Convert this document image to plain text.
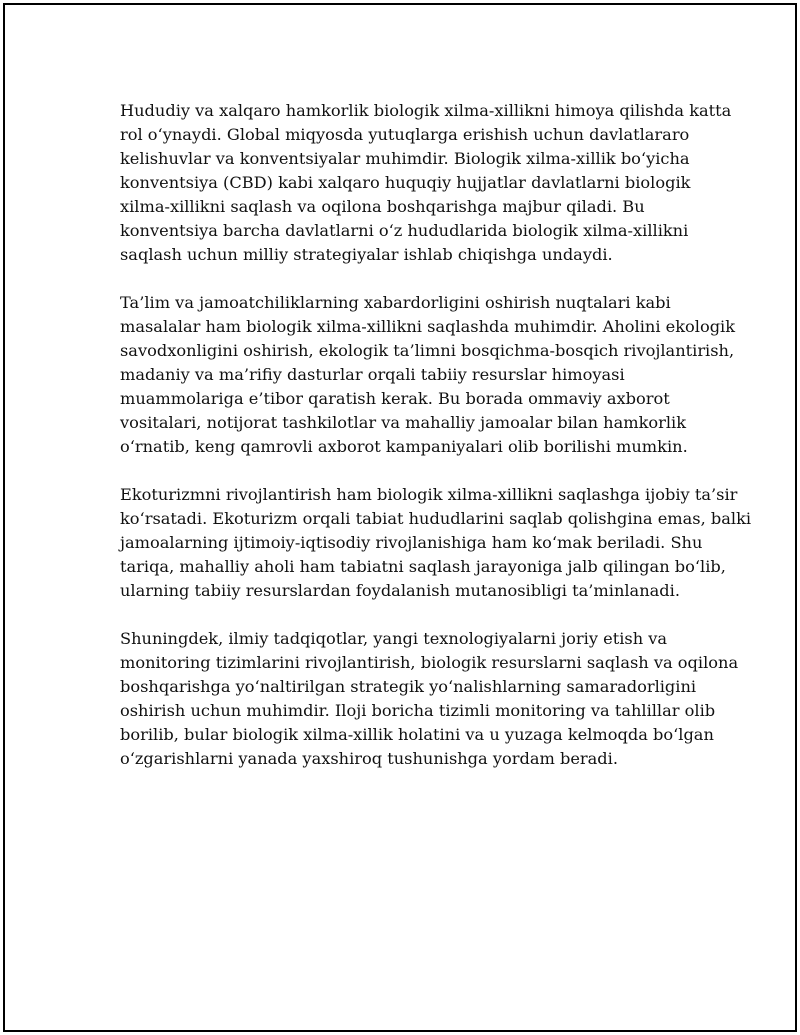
Hududiy va xalqaro hamkorlik biologik xilma-xillikni himoya qilishda katta
rol o‘ynaydi. Global miqyosda yutuqlarga erishish uchun davlatlararo
kelishuvlar va konventsiyalar muhimdir. Biologik xilma-xillik bo‘yicha
konventsiya (CBD) kabi xalqaro huquqiy hujjatlar davlatlarni biologik
xilma-xillikni saqlash va oqilona boshqarishga majbur qiladi. Bu
konventsiya barcha davlatlarni o‘z hududlarida biologik xilma-xillikni
saqlash uchun milliy strategiyalar ishlab chiqishga undaydi.

Ta’lim va jamoatchiliklarning xabardorligini oshirish nuqtalari kabi
masalalar ham biologik xilma-xillikni saqlashda muhimdir. Aholini ekologik
savodxonligini oshirish, ekologik ta’limni bosqichma-bosqich rivojlantirish,
madaniy va ma’rifiy dasturlar orqali tabiiy resurslar himoyasi
muammolariga e’tibor qaratish kerak. Bu borada ommaviy axborot
vositalari, notijorat tashkilotlar va mahalliy jamoalar bilan hamkorlik
o‘rnatib, keng qamrovli axborot kampaniyalari olib borilishi mumkin.

Ekoturizmni rivojlantirish ham biologik xilma-xillikni saqlashga ijobiy ta’sir
ko‘rsatadi. Ekoturizm orqali tabiat hududlarini saqlab qolishgina emas, balki
jamoalarning ijtimoiy-iqtisodiy rivojlanishiga ham ko‘mak beriladi. Shu
tariqa, mahalliy aholi ham tabiatni saqlash jarayoniga jalb qilingan bo‘lib,
ularning tabiiy resurslardan foydalanish mutanosibligi ta’minlanadi.

Shuningdek, ilmiy tadqiqotlar, yangi texnologiyalarni joriy etish va
monitoring tizimlarini rivojlantirish, biologik resurslarni saqlash va oqilona
boshqarishga yo‘naltirilgan strategik yo‘nalishlarning samaradorligini
oshirish uchun muhimdir. Iloji boricha tizimli monitoring va tahlillar olib
borilib, bular biologik xilma-xillik holatini va u yuzaga kelmoqda bo‘lgan
o‘zgarishlarni yanada yaxshiroq tushunishga yordam beradi.
